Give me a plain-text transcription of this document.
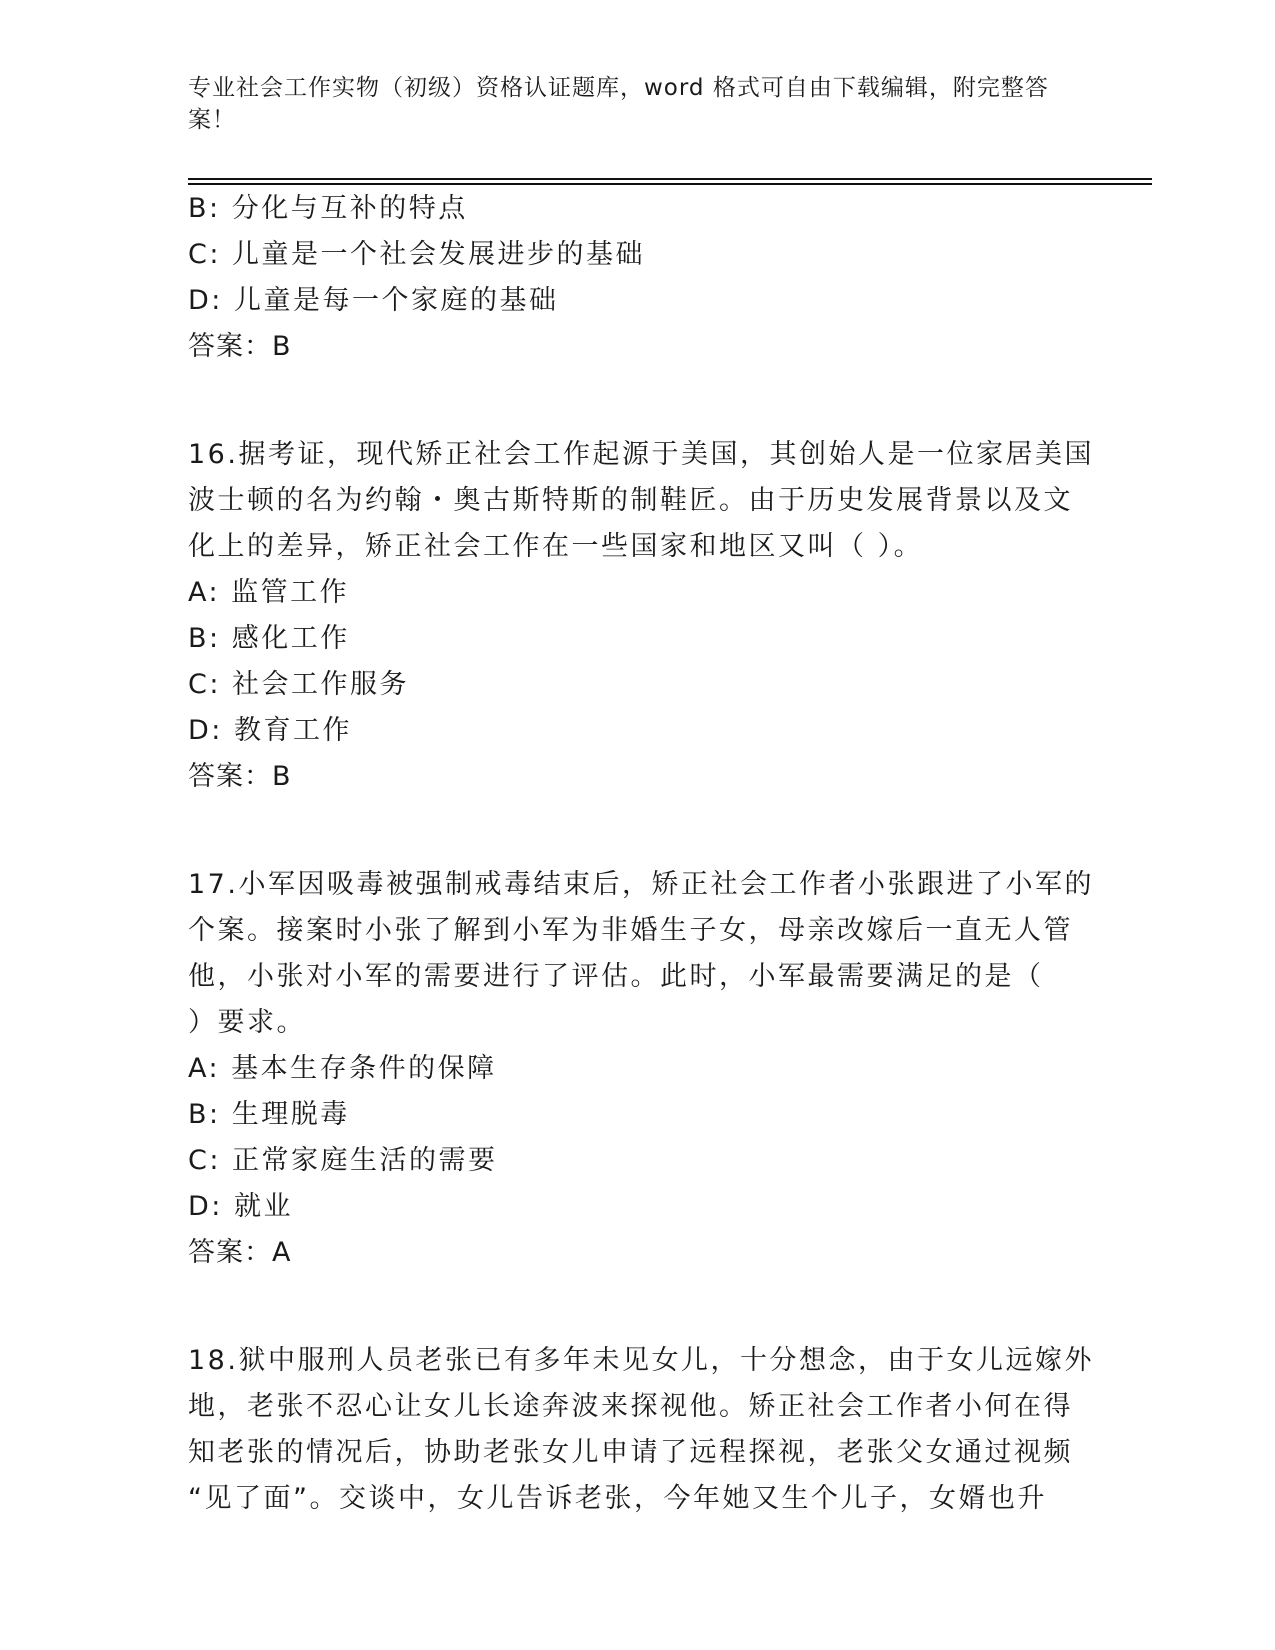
专业社会工作实物（初级）资格认证题库，word 格式可自由下载编辑，附完整答
案！
B: 分化与互补的特点
C: 儿童是一个社会发展进步的基础
D: 儿童是每一个家庭的基础
答案：B
16.据考证，现代矫正社会工作起源于美国，其创始人是一位家居美国
波士顿的名为约翰・奥古斯特斯的制鞋匠。由于历史发展背景以及文
化上的差异，矫正社会工作在一些国家和地区又叫（ ）。
A: 监管工作
B: 感化工作
C: 社会工作服务
D: 教育工作
答案：B
17.小军因吸毒被强制戒毒结束后，矫正社会工作者小张跟进了小军的
个案。接案时小张了解到小军为非婚生子女，母亲改嫁后一直无人管
他，小张对小军的需要进行了评估。此时，小军最需要满足的是（
）要求。
A: 基本生存条件的保障
B: 生理脱毒
C: 正常家庭生活的需要
D: 就业
答案：A
18.狱中服刑人员老张已有多年未见女儿，十分想念，由于女儿远嫁外
地，老张不忍心让女儿长途奔波来探视他。矫正社会工作者小何在得
知老张的情况后，协助老张女儿申请了远程探视，老张父女通过视频
“见了面”。交谈中，女儿告诉老张，今年她又生个儿子，女婿也升
